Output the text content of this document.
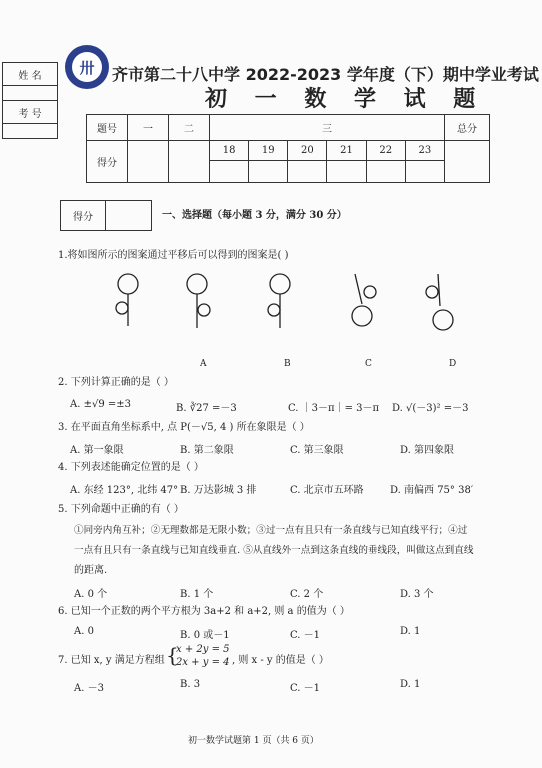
姓 名

考 号

卅 齐市第二十八中学 2022-2023 学年度（下）期中学业考试
初 一 数 学 试 题
题号	一	二	三						总分
得分			18	19	20	21	22	23	

得分		一、选择题（每小题 3 分，满分 30 分）
1.将如图所示的图案通过平移后可以得到的图案是( )
A	B	C	D
2. 下列计算正确的是（ ）
A. ±√9 =±3	B. ∛27 =－3	C. ｜3－π｜= 3－π D. √(－3)² =－3
3. 在平面直角坐标系中, 点 P(－√5, 4 ) 所在象限是（ ）
A. 第一象限	B. 第二象限	C. 第三象限	D. 第四象限
4. 下列表述能确定位置的是（ ）
A. 东经 123°, 北纬 47° B. 万达影城 3 排	C. 北京市五环路	D. 南偏西 75° 38′
5. 下列命题中正确的有（ ）
①同旁内角互补；②无理数都是无限小数；③过一点有且只有一条直线与已知直线平行；④过
一点有且只有一条直线与已知直线垂直. ⑤从直线外一点到这条直线的垂线段，叫做这点到直线
的距离.
A. 0 个	B. 1 个	C. 2 个	D. 3 个
6. 已知一个正数的两个平方根为 3a+2 和 a+2, 则 a 的值为（ ）
A. 0	B. 0 或－1	C. －1	D. 1
7. 已知 x, y 满足方程组 {
x + 2y = 5
2x + y = 4 , 则 x - y 的值是（ ）
A. －3	B. 3	C. －1	D. 1
初一数学试题第 1 页（共 6 页）
